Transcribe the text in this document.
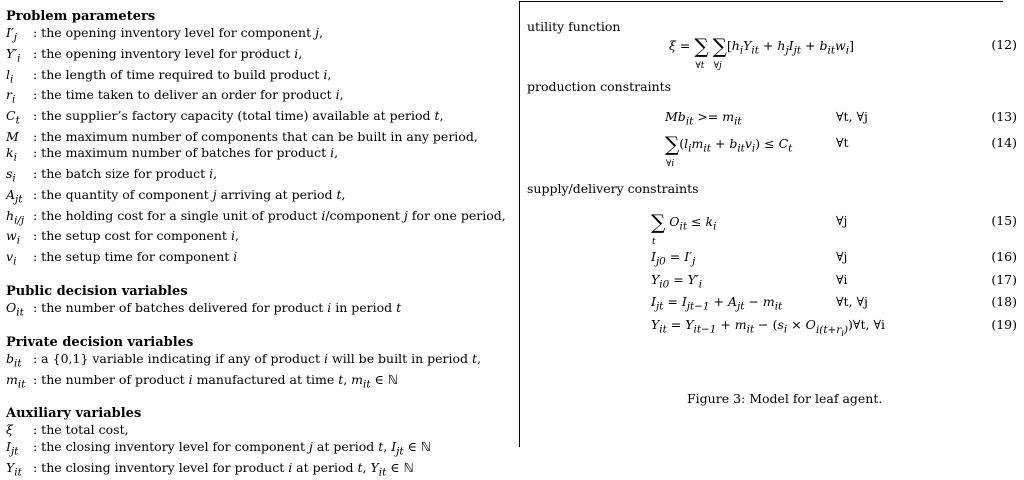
Problem parameters
$I'_j$	: the opening inventory level for component j,
$Y'_i$	: the opening inventory level for product i,
$l_i$	: the length of time required to build product i,
$r_i$	: the time taken to deliver an order for product i,
$C_t$	: the supplier’s factory capacity (total time) available at period t,
M	: the maximum number of components that can be built in any period,
$k_i$	: the maximum number of batches for product i,
$s_i$	: the batch size for product i,
$A_{jt}$ : the quantity of component j arriving at period t,
$h_{i/j}$ : the holding cost for a single unit of product i/component j for one period,
$w_i$	: the setup cost for component i,
$v_i$	: the setup time for component i
Public decision variables
$O_{it}$ : the number of batches delivered for product i in period t
Private decision variables
$b_{it}$ : a {0,1} variable indicating if any of product i will be built in period t,
$m_{it}$ : the number of product i manufactured at time t, $m_{it}$ ∈ ℕ
Auxiliary variables
ξ	: the total cost,
$I_{jt}$	: the closing inventory level for component j at period t, $I_{jt}$ ∈ ℕ
$Y_{it}$ : the closing inventory level for product i at period t, $Y_{it}$ ∈ ℕ
utility function
ξ = ∑
∀t
∑
∀j
$[h_iY_{it} + h_jI_{jt} + b_{it}w_i]$	(12)
production constraints
$Mb_{it} >= m_{it}$	∀t, ∀j	(13)
∑
∀i
$(l_im_{it} + b_{it}v_i) \le C_t$	∀t	(14)
supply/delivery constraints
∑
t
$O_{it} \le k_i$	∀j	(15)
$I_{j0} = I'_j$	∀j	(16)
$Y_{i0} = Y'_i$	∀i	(17)
$I_{jt} = I_{jt-1} + A_{jt} - m_{it}$	∀t, ∀j	(18)
$Y_{it} = Y_{it-1} + m_{it} - (s_i$ × $O_{i(t+r_i)})\forall t$, ∀i	(19)
Figure 3: Model for leaf agent.
